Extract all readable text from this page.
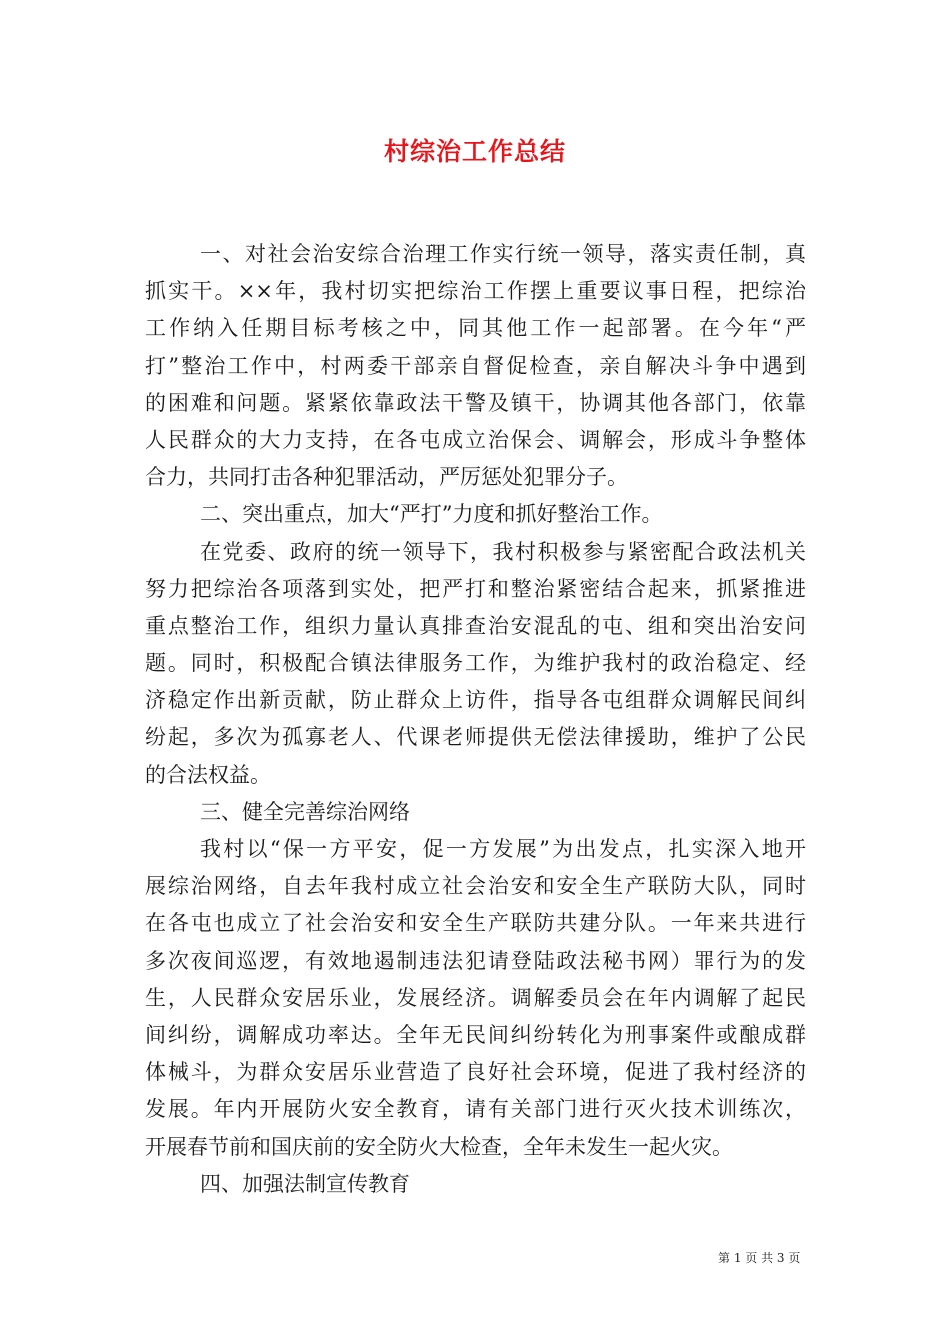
村综治工作总结
一、对社会治安综合治理工作实行统一领导，落实责任制，真
抓实干。××年，我村切实把综治工作摆上重要议事日程，把综治
工作纳入任期目标考核之中，同其他工作一起部署。在今年“严
打”整治工作中，村两委干部亲自督促检查，亲自解决斗争中遇到
的困难和问题。紧紧依靠政法干警及镇干，协调其他各部门，依靠
人民群众的大力支持，在各屯成立治保会、调解会，形成斗争整体
合力，共同打击各种犯罪活动，严厉惩处犯罪分子。
二、突出重点，加大“严打”力度和抓好整治工作。
在党委、政府的统一领导下，我村积极参与紧密配合政法机关
努力把综治各项落到实处，把严打和整治紧密结合起来，抓紧推进
重点整治工作，组织力量认真排查治安混乱的屯、组和突出治安问
题。同时，积极配合镇法律服务工作，为维护我村的政治稳定、经
济稳定作出新贡献，防止群众上访件，指导各屯组群众调解民间纠
纷起，多次为孤寡老人、代课老师提供无偿法律援助，维护了公民
的合法权益。
三、健全完善综治网络
我村以“保一方平安，促一方发展”为出发点，扎实深入地开
展综治网络，自去年我村成立社会治安和安全生产联防大队，同时
在各屯也成立了社会治安和安全生产联防共建分队。一年来共进行
多次夜间巡逻，有效地遏制违法犯请登陆政法秘书网）罪行为的发
生，人民群众安居乐业，发展经济。调解委员会在年内调解了起民
间纠纷，调解成功率达。全年无民间纠纷转化为刑事案件或酿成群
体械斗，为群众安居乐业营造了良好社会环境，促进了我村经济的
发展。年内开展防火安全教育，请有关部门进行灭火技术训练次，
开展春节前和国庆前的安全防火大检查，全年未发生一起火灾。
四、加强法制宣传教育
第 1 页 共 3 页
